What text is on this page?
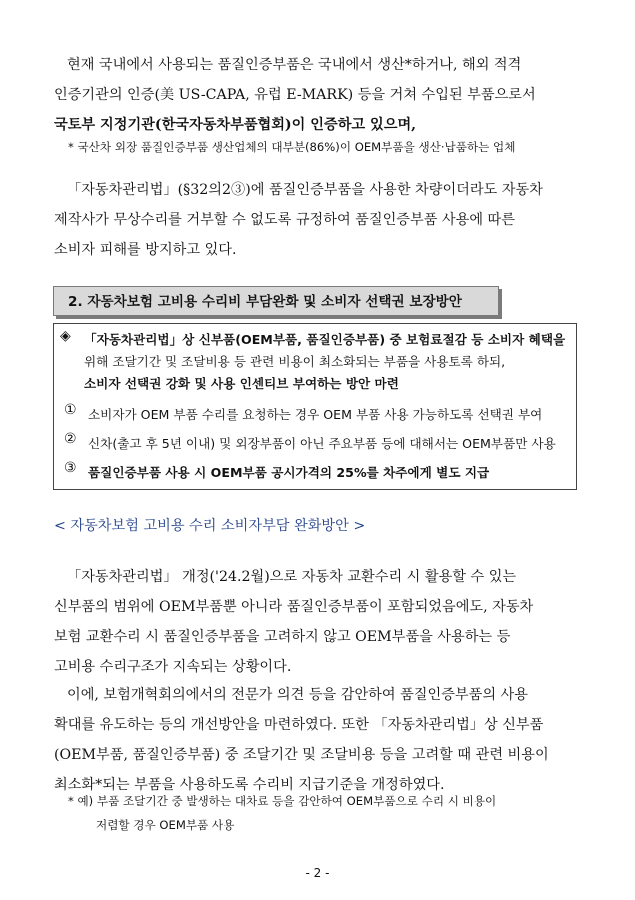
현재 국내에서 사용되는 품질인증부품은 국내에서 생산*하거나, 해외 적격
인증기관의 인증(美 US-CAPA, 유럽 E-MARK) 등을 거쳐 수입된 부품으로서
국토부 지정기관(한국자동차부품협회)이 인증하고 있으며,
* 국산차 외장 품질인증부품 생산업체의 대부분(86%)이 OEM부품을 생산·납품하는 업체
「자동차관리법」(§32의2③)에 품질인증부품을 사용한 차량이더라도 자동차
제작사가 무상수리를 거부할 수 없도록 규정하여 품질인증부품 사용에 따른
소비자 피해를 방지하고 있다.
2. 자동차보험 고비용 수리비 부담완화 및 소비자 선택권 보장방안
◈ 「자동차관리법」상 신부품(OEM부품, 품질인증부품) 중 보험료절감 등 소비자 혜택을
위해 조달기간 및 조달비용 등 관련 비용이 최소화되는 부품을 사용토록 하되,
소비자 선택권 강화 및 사용 인센티브 부여하는 방안 마련
① 소비자가 OEM 부품 수리를 요청하는 경우 OEM 부품 사용 가능하도록 선택권 부여
② 신차(출고 후 5년 이내) 및 외장부품이 아닌 주요부품 등에 대해서는 OEM부품만 사용
③ 품질인증부품 사용 시 OEM부품 공시가격의 25%를 차주에게 별도 지급
< 자동차보험 고비용 수리 소비자부담 완화방안 >
「자동차관리법」 개정('24.2월)으로 자동차 교환수리 시 활용할 수 있는
신부품의 범위에 OEM부품뿐 아니라 품질인증부품이 포함되었음에도, 자동차
보험 교환수리 시 품질인증부품을 고려하지 않고 OEM부품을 사용하는 등
고비용 수리구조가 지속되는 상황이다.
이에, 보험개혁회의에서의 전문가 의견 등을 감안하여 품질인증부품의 사용
확대를 유도하는 등의 개선방안을 마련하였다. 또한 「자동차관리법」상 신부품
(OEM부품, 품질인증부품) 중 조달기간 및 조달비용 등을 고려할 때 관련 비용이
최소화*되는 부품을 사용하도록 수리비 지급기준을 개정하였다.
* 예) 부품 조달기간 중 발생하는 대차료 등을 감안하여 OEM부품으로 수리 시 비용이
저렴할 경우 OEM부품 사용
- 2 -
